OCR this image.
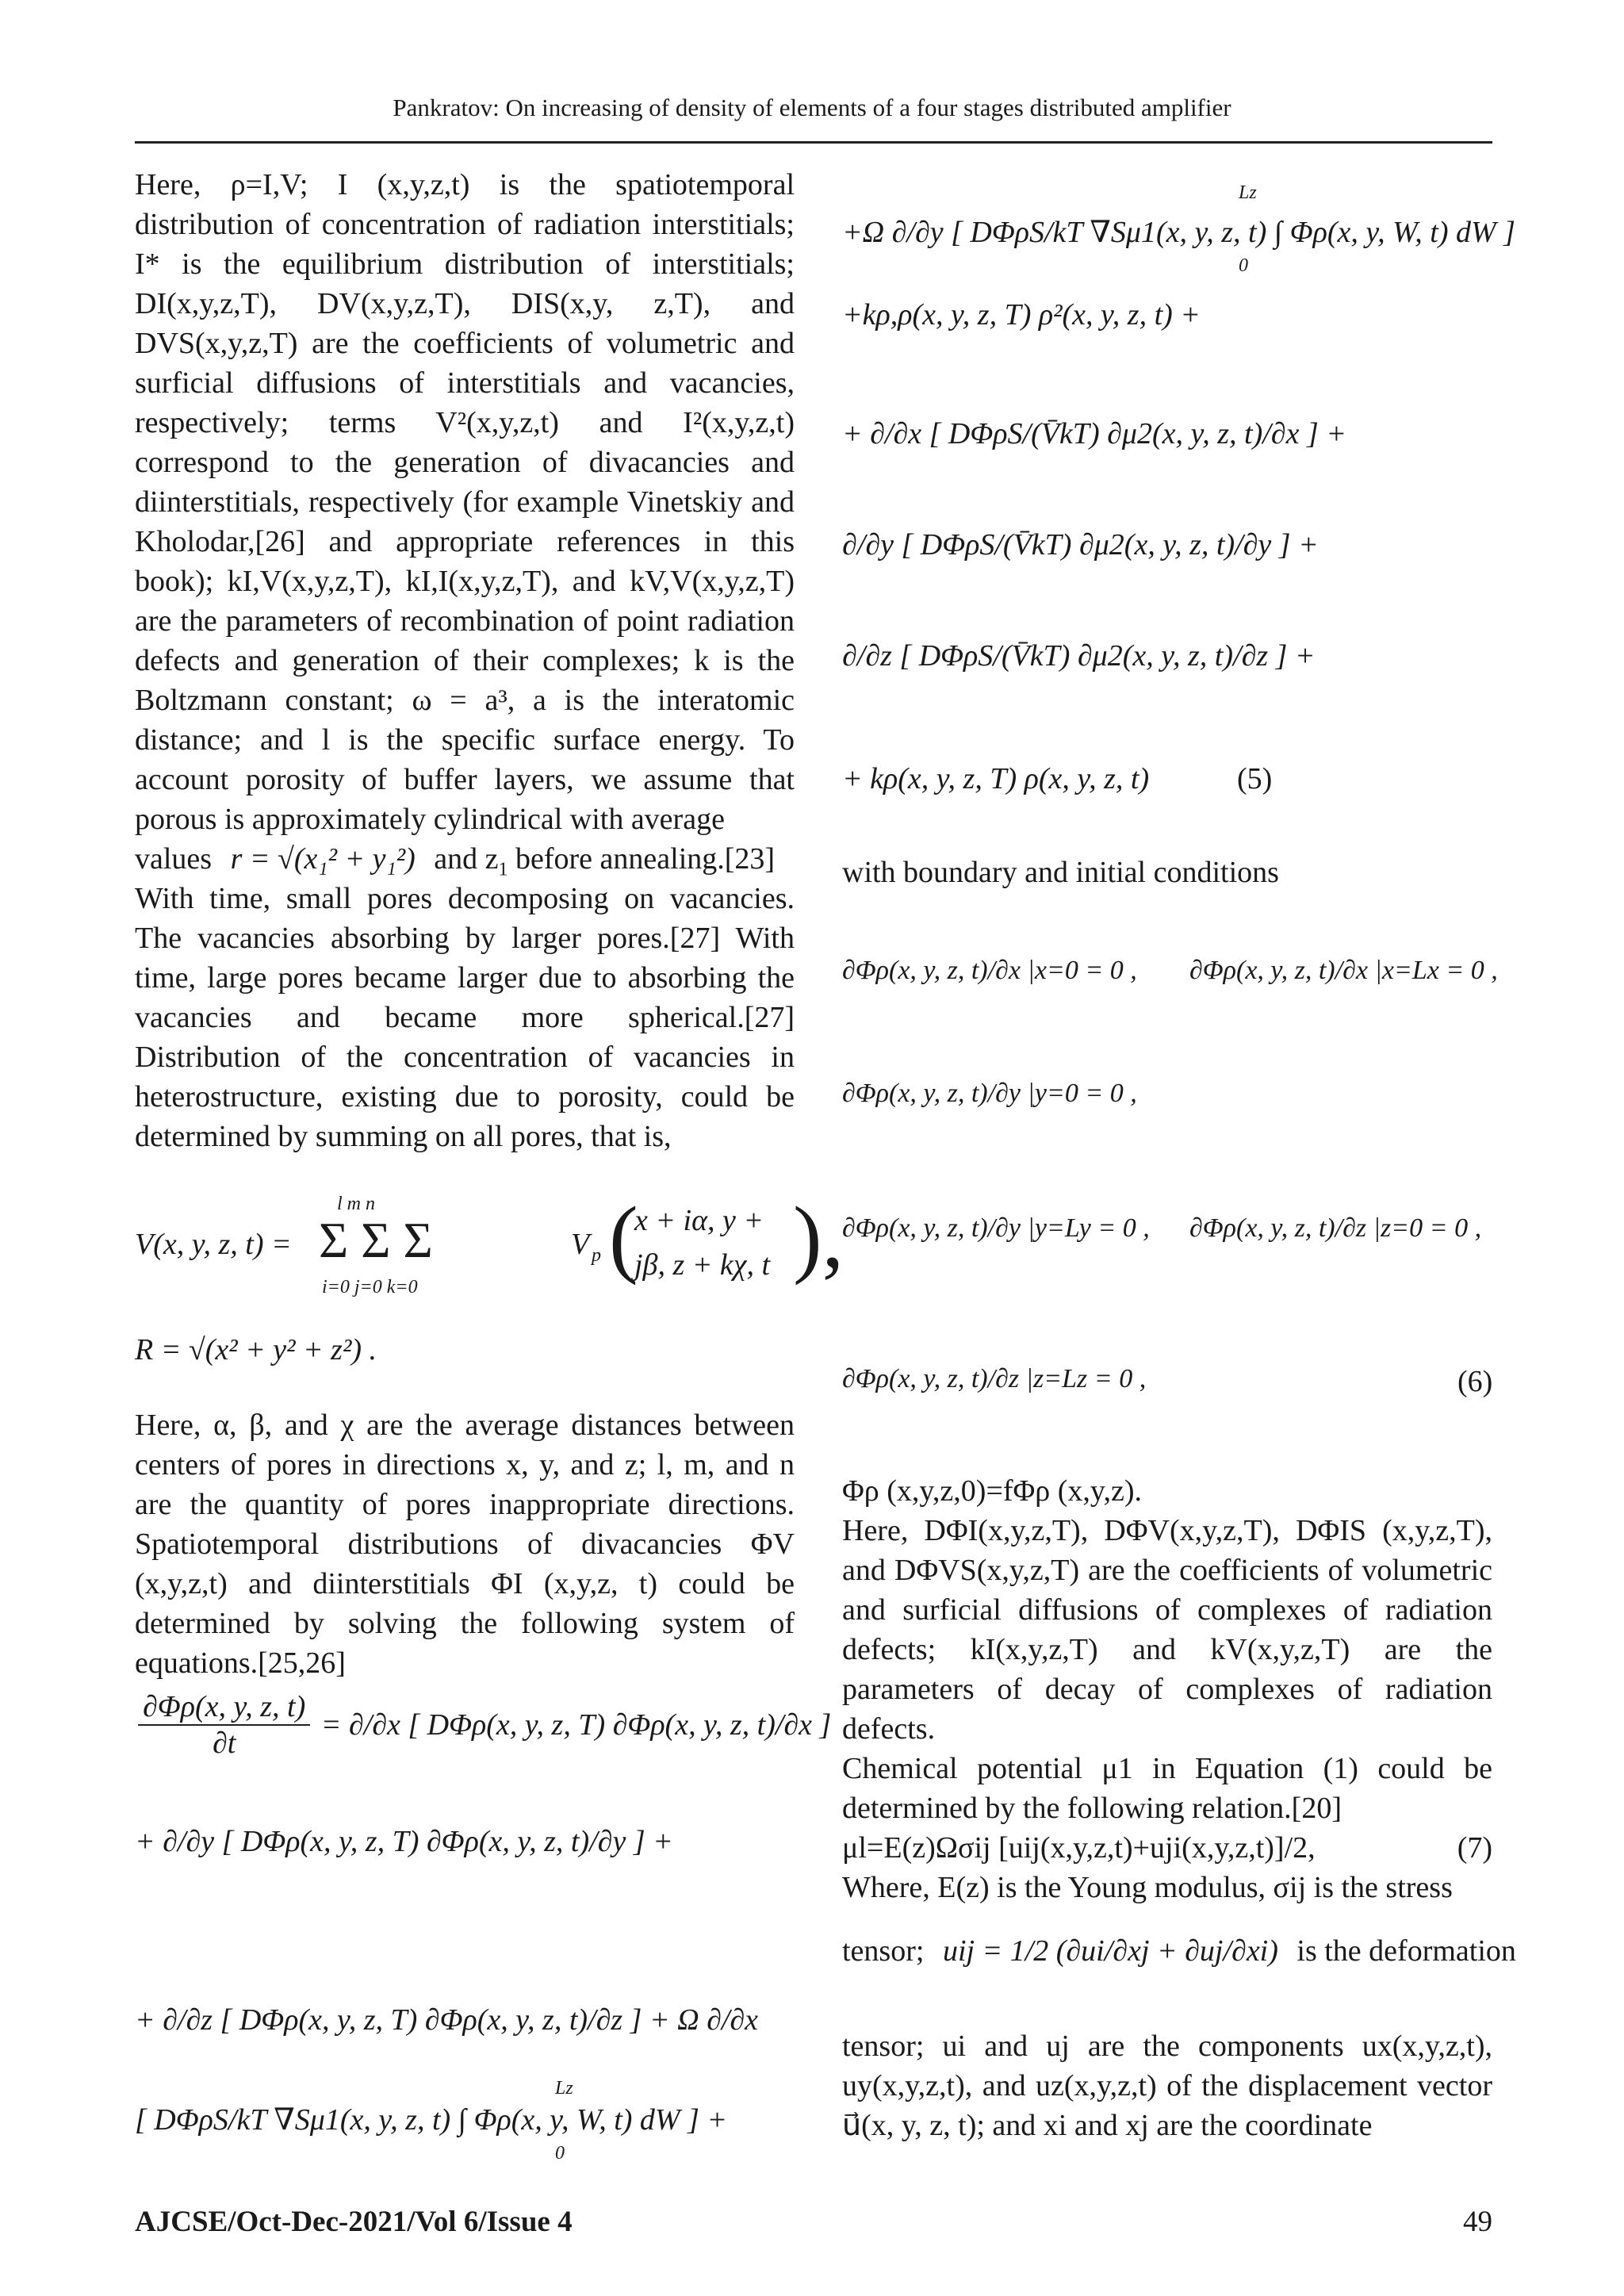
Pankratov: On increasing of density of elements of a four stages distributed amplifier

Here, ρ=I,V; I (x,y,z,t) is the spatiotemporal distribution of concentration of radiation interstitials; I* is the equilibrium distribution of interstitials; DI(x,y,z,T), DV(x,y,z,T), DIS(x,y, z,T), and DVS(x,y,z,T) are the coefficients of volumetric and surficial diffusions of interstitials and vacancies, respectively; terms V²(x,y,z,t) and I²(x,y,z,t) correspond to the generation of divacancies and diinterstitials, respectively (for example Vinetskiy and Kholodar,[26] and appropriate references in this book); kI,V(x,y,z,T), kI,I(x,y,z,T), and kV,V(x,y,z,T) are the parameters of recombination of point radiation defects and generation of their complexes; k is the Boltzmann constant; ω = a³, a is the interatomic distance; and l is the specific surface energy. To account porosity of buffer layers, we assume that porous is approximately cylindrical with average

values r = √(x₁² + y₁²) and $z_1$ before annealing.[23]

With time, small pores decomposing on vacancies. The vacancies absorbing by larger pores.[27] With time, large pores became larger due to absorbing the vacancies and became more spherical.[27] Distribution of the concentration of vacancies in heterostructure, existing due to porosity, could be determined by summing on all pores, that is,

V(x, y, z, t) =
l m n
Σ Σ Σ
i=0 j=0 k=0
V p (
x + iα, y +
jβ, z + kχ, t ),
R = √(x² + y² + z²) .
Here, α, β, and χ are the average distances between centers of pores in directions x, y, and z; l, m, and n are the quantity of pores inappropriate directions. Spatiotemporal distributions of divacancies ΦV (x,y,z,t) and diinterstitials ΦI (x,y,z, t) could be determined by solving the following system of equations.[25,26]
$\frac{\partial\Phi\rho(x, y, z, t)}{\partial t} = \partial/\partial x$ [ DΦρ(x, y, z, T) ∂Φρ(x, y, z, t)/∂x ]
+ ∂/∂y [ DΦρ(x, y, z, T) ∂Φρ(x, y, z, t)/∂y ] +
+ ∂/∂z [ DΦρ(x, y, z, T) ∂Φρ(x, y, z, t)/∂z ] + Ω ∂/∂x
[ DΦρS/kT ∇Sμ1(x, y, z, t) ∫ Φρ(x, y, W, t) dW ] +
Lz
0
+Ω ∂/∂y [ DΦρS/kT ∇Sμ1(x, y, z, t) ∫ Φρ(x, y, W, t) dW ]
Lz
0
+kρ,ρ(x, y, z, T) ρ²(x, y, z, t) +
+ ∂/∂x [ DΦρS/(V̄kT) ∂μ2(x, y, z, t)/∂x ] +
∂/∂y [ DΦρS/(V̄kT) ∂μ2(x, y, z, t)/∂y ] +
∂/∂z [ DΦρS/(V̄kT) ∂μ2(x, y, z, t)/∂z ] +
+ kρ(x, y, z, T) ρ(x, y, z, t)	(5)
with boundary and initial conditions
∂Φρ(x, y, z, t)/∂x |x=0 = 0 , ∂Φρ(x, y, z, t)/∂x |x=Lx = 0 ,
∂Φρ(x, y, z, t)/∂y |y=0 = 0 ,
∂Φρ(x, y, z, t)/∂y |y=Ly = 0 , ∂Φρ(x, y, z, t)/∂z |z=0 = 0 ,
∂Φρ(x, y, z, t)/∂z |z=Lz = 0 ,	(6)

Φρ (x,y,z,0)=fΦρ (x,y,z).

Here, DΦI(x,y,z,T), DΦV(x,y,z,T), DΦIS (x,y,z,T), and DΦVS(x,y,z,T) are the coefficients of volumetric and surficial diffusions of complexes of radiation defects; kI(x,y,z,T) and kV(x,y,z,T) are the parameters of decay of complexes of radiation defects.

Chemical potential μ1 in Equation (1) could be determined by the following relation.[20]

μl=E(z)Ωσij [uij(x,y,z,t)+uji(x,y,z,t)]/2,	(7)

Where, E(z) is the Young modulus, σij is the stress

tensor; uij = 1/2 (∂ui/∂xj + ∂uj/∂xi) is the deformation

tensor; ui and uj are the components ux(x,y,z,t), uy(x,y,z,t), and uz(x,y,z,t) of the displacement vector u⃗(x, y, z, t); and xi and xj are the coordinate

AJCSE/Oct-Dec-2021/Vol 6/Issue 4	49
